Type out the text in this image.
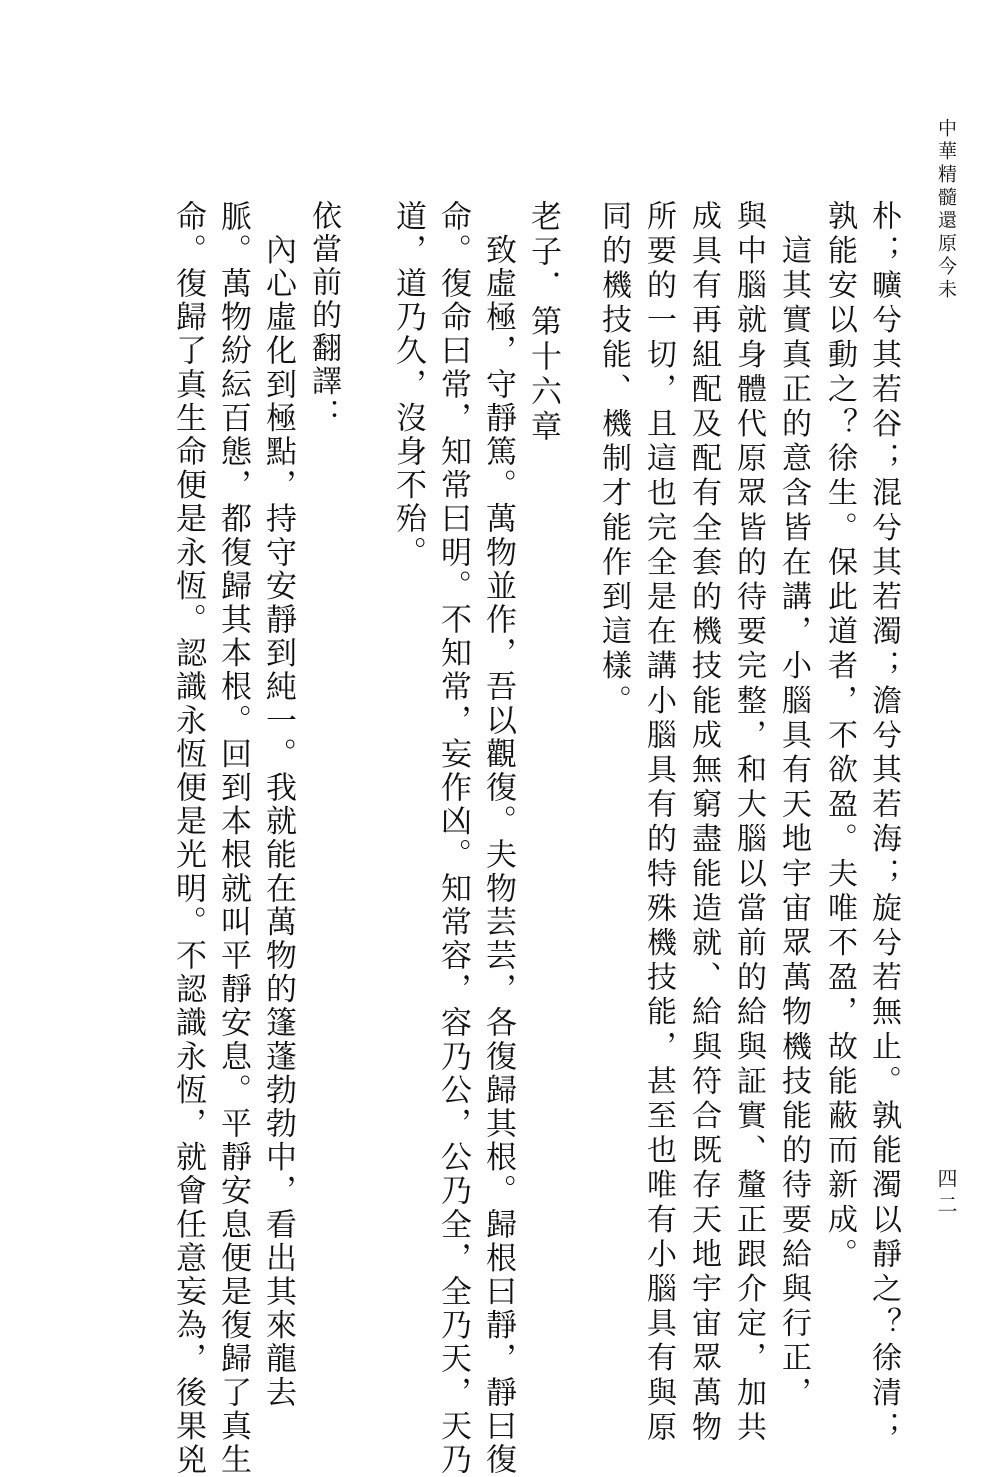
中華精髓還原今未
四二
朴；曠兮其若谷；混兮其若濁；澹兮其若海；旋兮若無止。孰能濁以靜之？徐清；
孰能安以動之？徐生。保此道者，不欲盈。夫唯不盈，故能蔽而新成。
　這其實真正的意含皆在講，小腦具有天地宇宙眾萬物機技能的待要給與行正，
與中腦就身體代原眾皆的待要完整，和大腦以當前的給與証實、釐正跟介定，加共
成具有再組配及配有全套的機技能成無窮盡能造就、給與符合既存天地宇宙眾萬物
所要的一切，且這也完全是在講小腦具有的特殊機技能，甚至也唯有小腦具有與原
同的機技能、機制才能作到這樣。
老子．第十六章
　致虛極，守靜篤。萬物並作，吾以觀復。夫物芸芸，各復歸其根。歸根曰靜，靜曰復
命。復命曰常，知常曰明。不知常，妄作凶。知常容，容乃公，公乃全，全乃天，天乃
道，道乃久，沒身不殆。
依當前的翻譯：
　內心虛化到極點，持守安靜到純一。我就能在萬物的篷蓬勃勃中，看出其來龍去
脈。萬物紛紜百態，都復歸其本根。回到本根就叫平靜安息。平靜安息便是復歸了真生
命。復歸了真生命便是永恆。認識永恆便是光明。不認識永恆，就會任意妄為，後果兇
